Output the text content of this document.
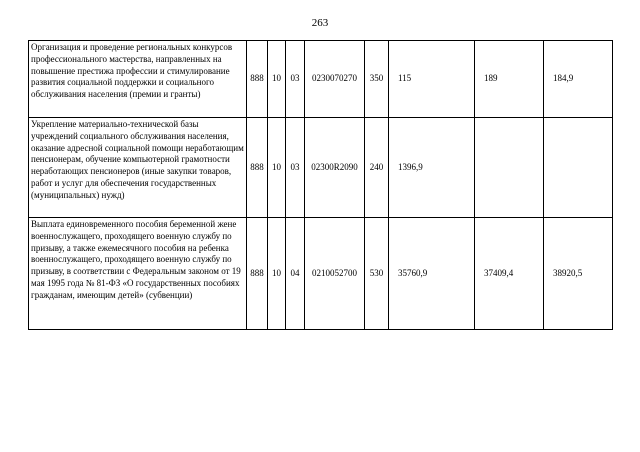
263
Организация и проведение региональных конкурсов профессионального мастерства, направленных на повышение престижа профессии и стимулирование развития социальной поддержки и социального обслуживания населения (премии и гранты)	888	10	03	0230070270	350	115	189	184,9
Укрепление материально-технической базы учреждений социального обслуживания населения, оказание адресной социальной помощи неработающим пенсионерам, обучение компьютерной грамотности неработающих пенсионеров (иные закупки товаров, работ и услуг для обеспечения государственных (муниципальных) нужд)	888	10	03	02300R2090	240	1396,9		
Выплата единовременного пособия беременной жене военнослужащего, проходящего военную службу по призыву, а также ежемесячного пособия на ребенка военнослужащего, проходящего военную службу по призыву, в соответствии с Федеральным законом от 19 мая 1995 года № 81-ФЗ «О государственных пособиях гражданам, имеющим детей» (субвенции)	888	10	04	0210052700	530	35760,9	37409,4	38920,5
